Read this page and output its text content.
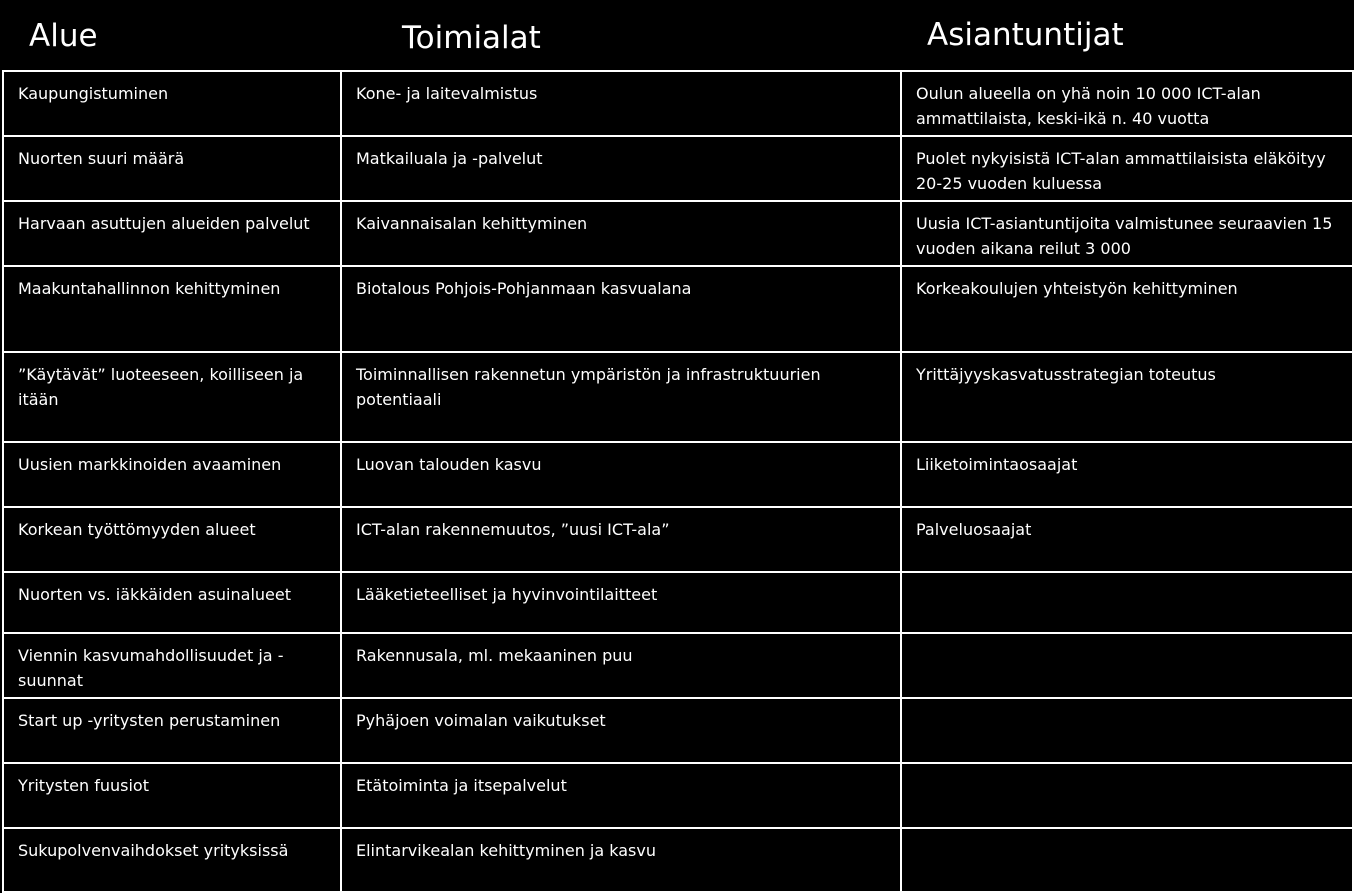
Alue	Toimialat	Asiantuntijat
Kaupungistuminen	Kone- ja laitevalmistus	Oulun alueella on yhä noin 10 000 ICT-alan ammattilaista, keski-ikä n. 40 vuotta
Nuorten suuri määrä	Matkailuala ja -palvelut	Puolet nykyisistä ICT-alan ammattilaisista eläköityy 20-25 vuoden kuluessa
Harvaan asuttujen alueiden palvelut	Kaivannaisalan kehittyminen	Uusia ICT-asiantuntijoita valmistunee seuraavien 15 vuoden aikana reilut 3 000
Maakuntahallinnon kehittyminen	Biotalous Pohjois-Pohjanmaan kasvualana	Korkeakoulujen yhteistyön kehittyminen
”Käytävät” luoteeseen, koilliseen ja itään	Toiminnallisen rakennetun ympäristön ja infrastruktuurien potentiaali	Yrittäjyyskasvatusstrategian toteutus
Uusien markkinoiden avaaminen	Luovan talouden kasvu	Liiketoimintaosaajat
Korkean työttömyyden alueet	ICT-alan rakennemuutos, ”uusi ICT-ala”	Palveluosaajat
Nuorten vs. iäkkäiden asuinalueet	Lääketieteelliset ja hyvinvointilaitteet	
Viennin kasvumahdollisuudet ja -suunnat	Rakennusala, ml. mekaaninen puu	
Start up -yritysten perustaminen	Pyhäjoen voimalan vaikutukset	
Yritysten fuusiot	Etätoiminta ja itsepalvelut	
Sukupolvenvaihdokset yrityksissä	Elintarvikealan kehittyminen ja kasvu	
